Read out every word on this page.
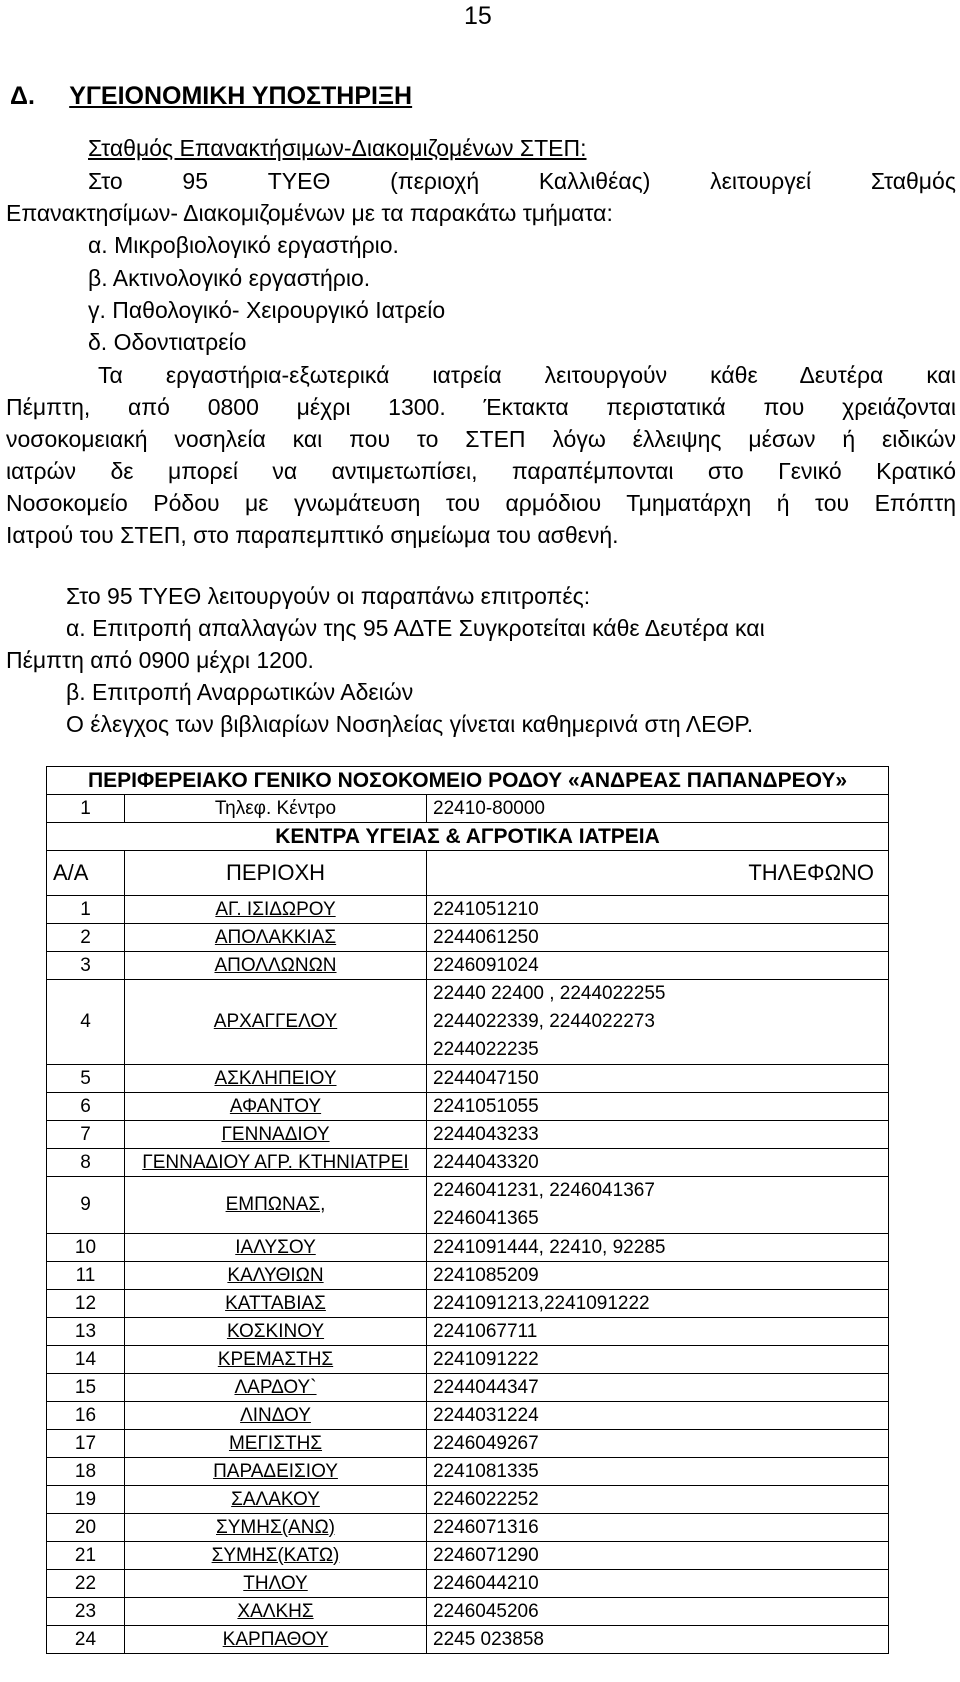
15
Δ. ΥΓΕΙΟΝΟΜΙΚΗ ΥΠΟΣΤΗΡΙΞΗ
Σταθμός Επανακτήσιμων-Διακομιζομένων ΣΤΕΠ:
Στο	95	ΤΥΕΘ	(περιοχή	Καλλιθέας)	λειτουργεί	Σταθμός
Επανακτησίμων- Διακομιζομένων με τα παρακάτω τμήματα:
α. Μικροβιολογικό εργαστήριο.
β. Ακτινολογικό εργαστήριο.
γ. Παθολογικό- Χειρουργικό Ιατρείο
δ. Οδοντιατρείο
Τα εργαστήρια-εξωτερικά ιατρεία λειτουργούν κάθε Δευτέρα και
Πέμπτη, από 0800 μέχρι 1300. Έκτακτα περιστατικά που χρειάζονται
νοσοκομειακή νοσηλεία και που το ΣΤΕΠ λόγω έλλειψης μέσων ή ειδικών
ιατρών δε μπορεί να αντιμετωπίσει, παραπέμπονται στο Γενικό Κρατικό
Νοσοκομείο Ρόδου με γνωμάτευση του αρμόδιου Τμηματάρχη ή του Επόπτη
Ιατρού του ΣΤΕΠ, στο παραπεμπτικό σημείωμα του ασθενή.
Στο 95 ΤΥΕΘ λειτουργούν οι παραπάνω επιτροπές:
α. Επιτροπή απαλλαγών της 95 ΑΔΤΕ Συγκροτείται κάθε Δευτέρα και
Πέμπτη από 0900 μέχρι 1200.
β. Επιτροπή Αναρρωτικών Αδειών
Ο έλεγχος των βιβλιαρίων Νοσηλείας γίνεται καθημερινά στη ΛΕΘΡ.
ΠΕΡΙΦΕΡΕΙΑΚΟ ΓΕΝΙΚΟ ΝΟΣΟΚΟΜΕΙΟ ΡΟΔΟΥ «ΑΝΔΡΕΑΣ ΠΑΠΑΝΔΡΕΟΥ»		
1	Τηλεφ. Κέντρο	22410-80000
ΚΕΝΤΡΑ ΥΓΕΙΑΣ & ΑΓΡΟΤΙΚΑ ΙΑΤΡΕΙΑ		
Α/Α	ΠΕΡΙΟΧΗ	ΤΗΛΕΦΩΝΟ
1	ΑΓ. ΙΣΙΔΩΡΟΥ	2241051210
2	ΑΠΟΛΑΚΚΙΑΣ	2244061250
3	ΑΠΟΛΛΩΝΩΝ	2246091024
4	ΑΡΧΑΓΓΕΛΟΥ	22440 22400 , 2244022255
2244022339, 2244022273
2244022235

5	ΑΣΚΛΗΠΕΙΟΥ	2244047150
6	ΑΦΑΝΤΟΥ	2241051055
7	ΓΕΝΝΑΔΙΟΥ	2244043233
8	ΓΕΝΝΑΔΙΟΥ ΑΓΡ. ΚΤΗΝΙΑΤΡΕΙ	2244043320
9	ΕΜΠΩΝΑΣ,	2246041231, 2246041367
2246041365

10	ΙΑΛΥΣΟΥ	2241091444, 22410, 92285
11	ΚΑΛΥΘΙΩΝ	2241085209
12	ΚΑΤΤΑΒΙΑΣ	2241091213,2241091222
13	ΚΟΣΚΙΝΟΥ	2241067711
14	ΚΡΕΜΑΣΤΗΣ	2241091222
15	ΛΑΡΔΟΥ`	2244044347
16	ΛΙΝΔΟΥ	2244031224
17	ΜΕΓΙΣΤΗΣ	2246049267
18	ΠΑΡΑΔΕΙΣΙΟΥ	2241081335
19	ΣΑΛΑΚΟΥ	2246022252
20	ΣΥΜΗΣ(ΑΝΩ)	2246071316
21	ΣΥΜΗΣ(ΚΑΤΩ)	2246071290
22	ΤΗΛΟΥ	2246044210
23	ΧΑΛΚΗΣ	2246045206
24	ΚΑΡΠΑΘΟΥ	2245 023858
